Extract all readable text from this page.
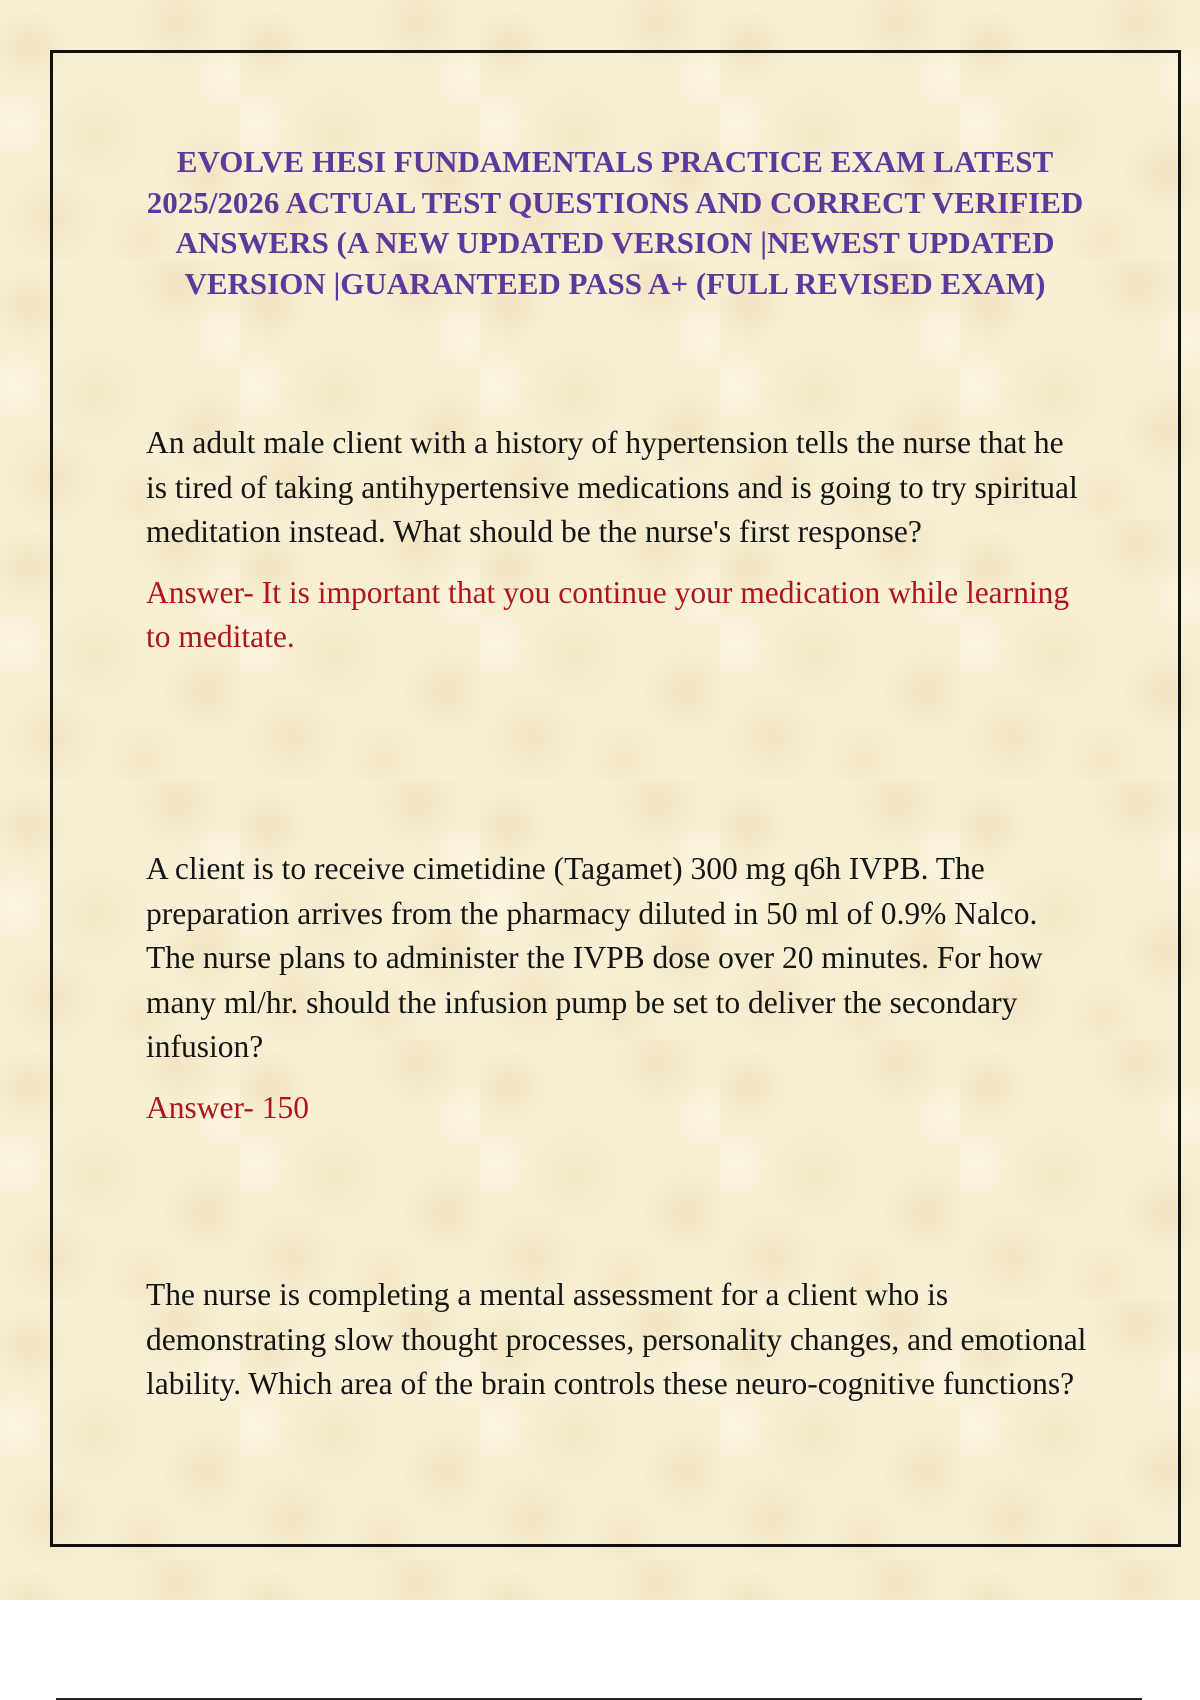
EVOLVE HESI FUNDAMENTALS PRACTICE EXAM LATEST 2025/2026 ACTUAL TEST QUESTIONS AND CORRECT VERIFIED ANSWERS (A NEW UPDATED VERSION |NEWEST UPDATED VERSION |GUARANTEED PASS A+ (FULL REVISED EXAM)

An adult male client with a history of hypertension tells the nurse that he is tired of taking antihypertensive medications and is going to try spiritual meditation instead. What should be the nurse's first response?

Answer- It is important that you continue your medication while learning to meditate.

A client is to receive cimetidine (Tagamet) 300 mg q6h IVPB. The preparation arrives from the pharmacy diluted in 50 ml of 0.9% Nalco. The nurse plans to administer the IVPB dose over 20 minutes. For how many ml/hr. should the infusion pump be set to deliver the secondary infusion?

Answer- 150

The nurse is completing a mental assessment for a client who is demonstrating slow thought processes, personality changes, and emotional lability. Which area of the brain controls these neuro-cognitive functions?
